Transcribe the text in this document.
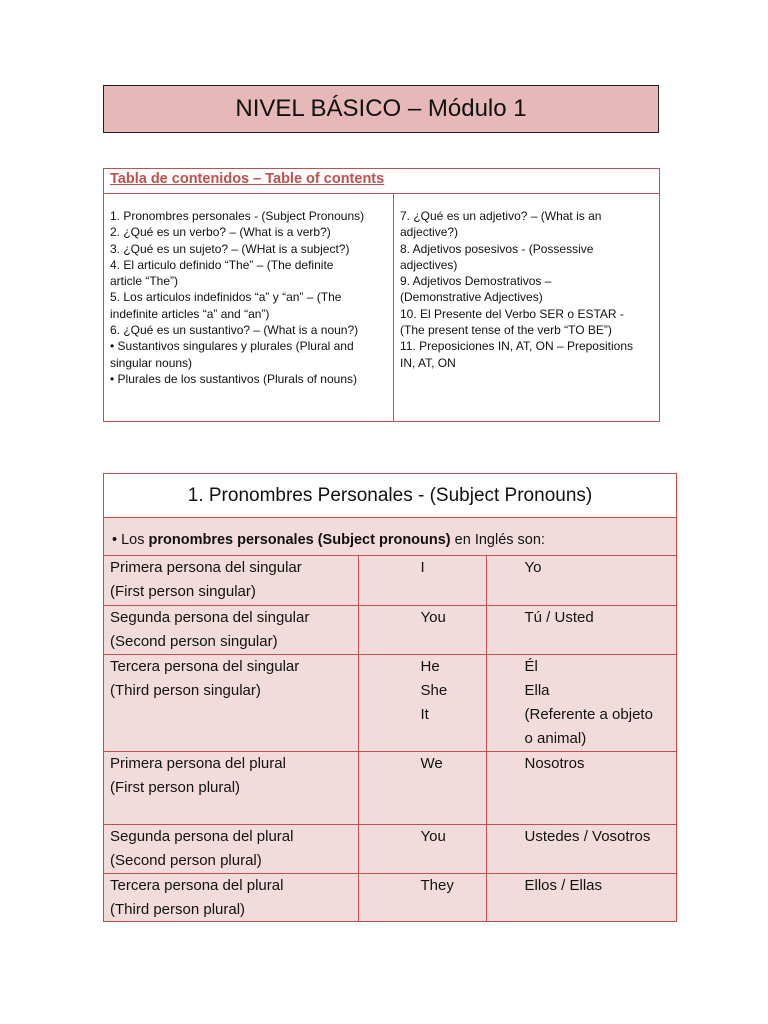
NIVEL BÁSICO – Módulo 1
Tabla de contenidos – Table of contents
1. Pronombres personales - (Subject Pronouns)
2. ¿Qué es un verbo? – (What is a verb?)
3. ¿Qué es un sujeto? – (WHat is a subject?)
4. El articulo definido “The” – (The definite
article “The”)
5. Los articulos indefinidos “a” y “an” – (The
indefinite articles “a” and “an”)
6. ¿Qué es un sustantivo? – (What is a noun?)
• Sustantivos singulares y plurales (Plural and
singular nouns)
• Plurales de los sustantivos (Plurals of nouns)
7. ¿Qué es un adjetivo? – (What is an
adjective?)
8. Adjetivos posesivos - (Possessive
adjectives)
9. Adjetivos Demostrativos –
(Demonstrative Adjectives)
10. El Presente del Verbo SER o ESTAR -
(The present tense of the verb “TO BE”)
11. Preposiciones IN, AT, ON – Prepositions
IN, AT, ON
1. Pronombres Personales - (Subject Pronouns)
• Los pronombres personales (Subject pronouns) en Inglés son:
Primera persona del singular
(First person singular)	I	Yo

Segunda persona del singular
(Second person singular)	You	Tú / Usted

Tercera persona del singular
(Third person singular)	He
She
It	Él
Ella
(Referente a objeto
o animal)

Primera persona del plural
(First person plural)	We	Nosotros

Segunda persona del plural
(Second person plural)	You	Ustedes / Vosotros

Tercera persona del plural
(Third person plural)	They	Ellos / Ellas
